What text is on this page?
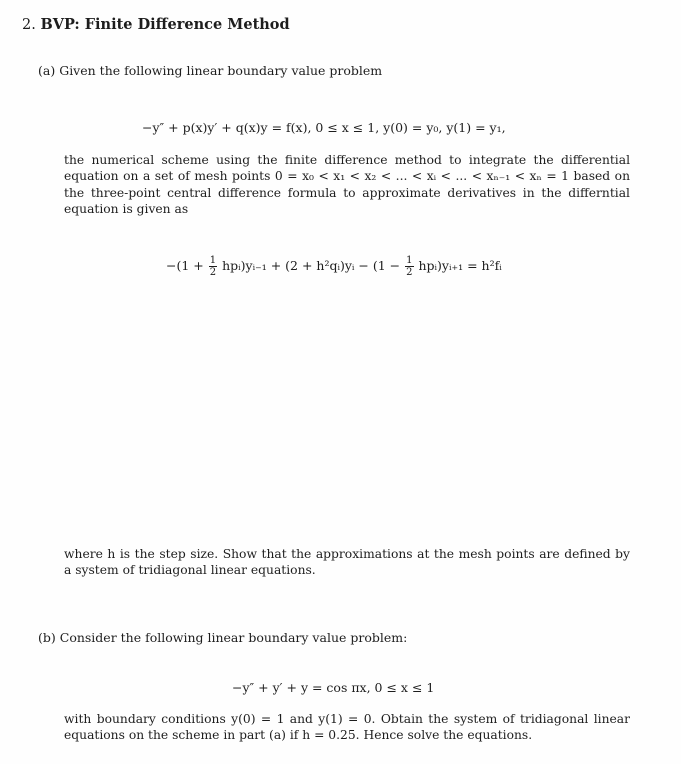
2. BVP: Finite Difference Method
(a) Given the following linear boundary value problem
−y″ + p(x)y′ + q(x)y = f(x), 0 ≤ x ≤ 1, y(0) = y₀, y(1) = y₁,
the numerical scheme using the finite difference method to integrate the differential equation on a set of mesh points 0 = x₀ < x₁ < x₂ < ... < xᵢ < ... < xₙ₋₁ < xₙ = 1 based on the three-point central difference formula to approximate derivatives in the differntial equation is given as
$-(1 + \frac{1}{2}$ hpᵢ)yᵢ₋₁ + (2 + h²qᵢ)yᵢ − ($1 - \frac{1}{2}$ hpᵢ)yᵢ₊₁ = h²fᵢ
where h is the step size. Show that the approximations at the mesh points are defined by a system of tridiagonal linear equations.
(b) Consider the following linear boundary value problem:
−y″ + y′ + y = cos πx, 0 ≤ x ≤ 1
with boundary conditions y(0) = 1 and y(1) = 0. Obtain the system of tridiagonal linear equations on the scheme in part (a) if h = 0.25. Hence solve the equations.
